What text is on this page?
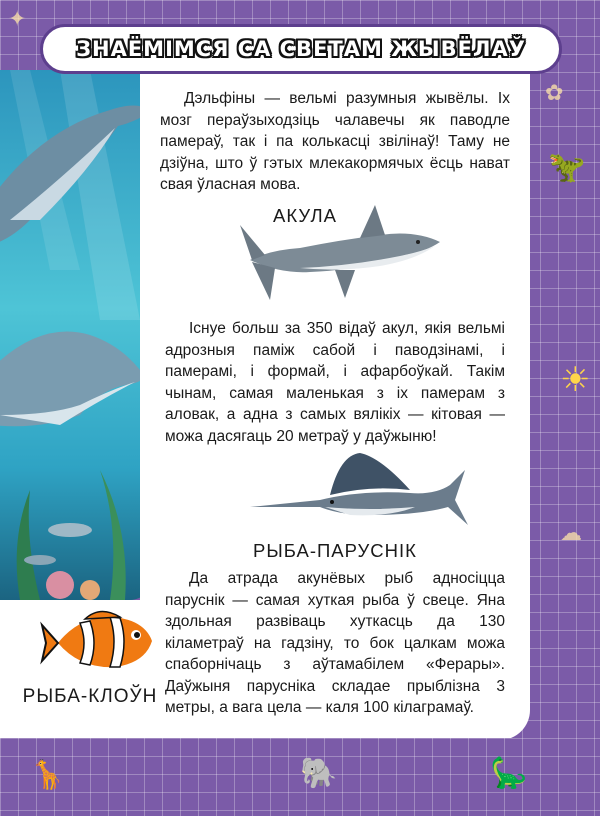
✦
☀
✿
☁
🦖
ЗНАЁМІМСЯ СА СВЕТАМ ЖЫВЁЛАЎ

Дэльфіны — вельмі разумныя жывёлы. Іх мозг пераўзыходзіць чалавечы як паводле памераў, так і па колькасці звілінаў! Таму не дзіўна, што ў гэтых млекакормячых ёсць нават свая ўласная мова.

АКУЛА

Існуе больш за 350 відаў акул, якія вельмі адрозныя паміж сабой і паводзінамі, і памерамі, і формай, і афарбоўкай. Такім чынам, самая маленькая з іх памерам з аловак, а адна з самых вялікіх — кітовая — можа дасягаць 20 метраў у даўжыню!

РЫБА-ПАРУСНІК

Да атрада акунёвых рыб адносіцца паруснік — самая хуткая рыба ў свеце. Яна здольная развіваць хуткасць да 130 кіламетраў на гадзіну, то бок цалкам можа спаборнічаць з аўтамабілем «Ферары». Даўжыня парусніка складае прыблізна 3 метры, а вага цела — каля 100 кілаграмаў.

РЫБА-КЛОЎН

🦒	🐘	🦕
